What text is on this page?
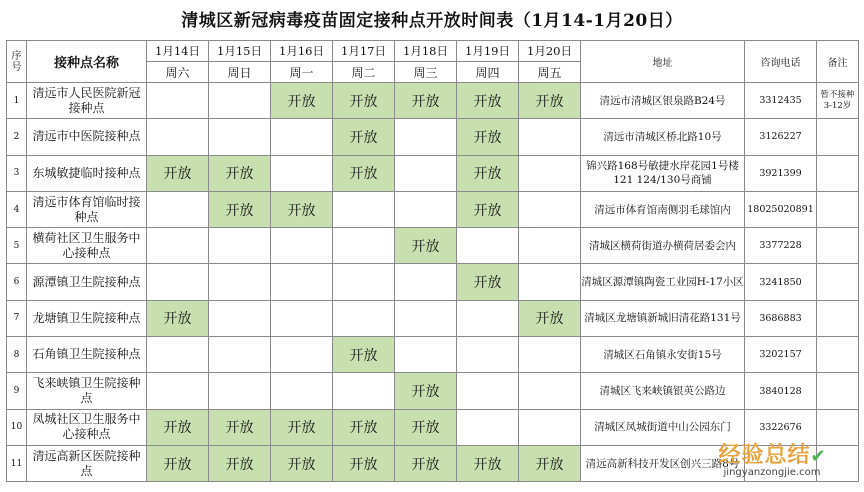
清城区新冠病毒疫苗固定接种点开放时间表（1月14-1月20日）
序号	接种点名称	1月14日	1月15日	1月16日	1月17日	1月18日	1月19日	1月20日	地址	咨询电话	备注
		周六	周日	周一	周二	周三	周四	周五			
1	清远市人民医院新冠接种点			开放	开放	开放	开放	开放	清远市清城区银泉路B24号	3312435	暂不接种3-12岁
2	清远市中医院接种点				开放		开放		清远市清城区桥北路10号	3126227	
3	东城敏捷临时接种点	开放	开放		开放		开放		锦兴路168号敏捷水岸花园1号楼121 124/130号商铺	3921399	
4	清远市体育馆临时接种点		开放	开放			开放		清远市体育馆南侧羽毛球馆内	18025020891	
5	横荷社区卫生服务中心接种点					开放			清城区横荷街道办横荷居委会内	3377228	
6	源潭镇卫生院接种点						开放		清城区源潭镇陶瓷工业园H-17小区	3241850	
7	龙塘镇卫生院接种点	开放						开放	清城区龙塘镇新城旧清花路131号	3686883	
8	石角镇卫生院接种点				开放				清城区石角镇永安街15号	3202157	
9	飞来峡镇卫生院接种点					开放			清城区飞来峡镇银英公路边	3840128	
10	凤城社区卫生服务中心接种点	开放	开放	开放	开放	开放			清城区凤城街道中山公园东门	3322676	
11	清远高新区医院接种点	开放	开放	开放	开放	开放	开放	开放	清远高新科技开发区创兴三路8号		
经验总结✔
jingyanzongjie.com
